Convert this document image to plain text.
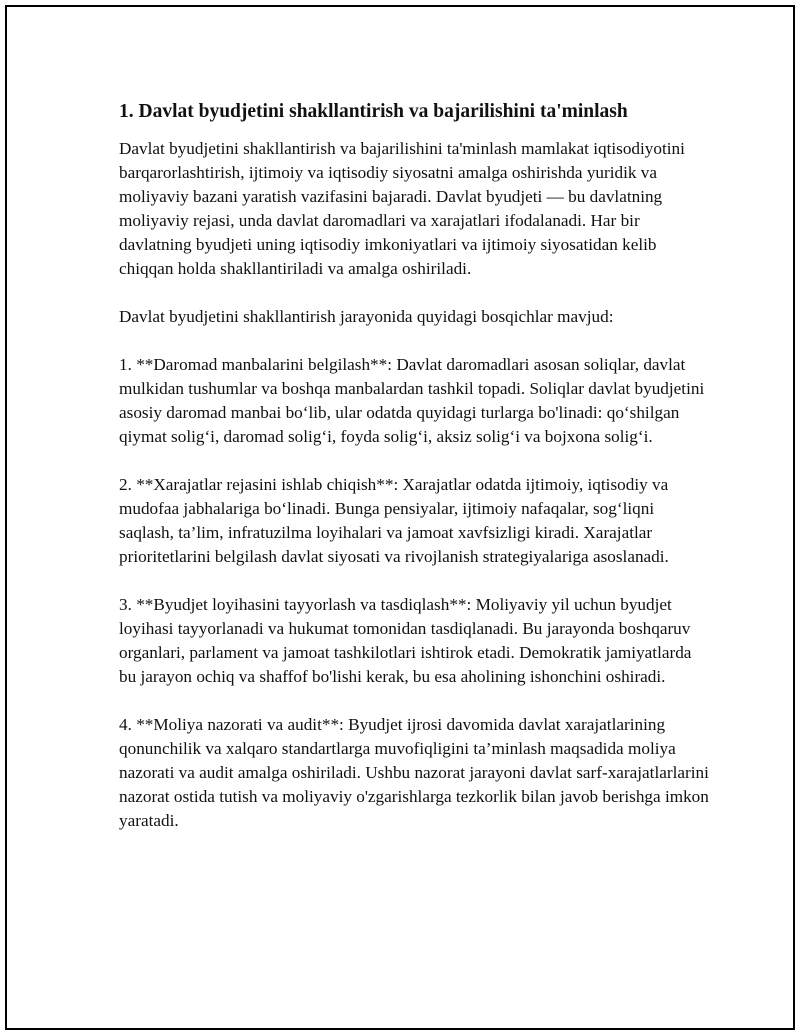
1. Davlat byudjetini shakllantirish va bajarilishini ta'minlash

Davlat byudjetini shakllantirish va bajarilishini ta'minlash mamlakat iqtisodiyotini barqarorlashtirish, ijtimoiy va iqtisodiy siyosatni amalga oshirishda yuridik va moliyaviy bazani yaratish vazifasini bajaradi. Davlat byudjeti — bu davlatning moliyaviy rejasi, unda davlat daromadlari va xarajatlari ifodalanadi. Har bir davlatning byudjeti uning iqtisodiy imkoniyatlari va ijtimoiy siyosatidan kelib chiqqan holda shakllantiriladi va amalga oshiriladi.

Davlat byudjetini shakllantirish jarayonida quyidagi bosqichlar mavjud:

1. **Daromad manbalarini belgilash**: Davlat daromadlari asosan soliqlar, davlat mulkidan tushumlar va boshqa manbalardan tashkil topadi. Soliqlar davlat byudjetini asosiy daromad manbai bo‘lib, ular odatda quyidagi turlarga bo'linadi: qo‘shilgan qiymat solig‘i, daromad solig‘i, foyda solig‘i, aksiz solig‘i va bojxona solig‘i.

2. **Xarajatlar rejasini ishlab chiqish**: Xarajatlar odatda ijtimoiy, iqtisodiy va mudofaa jabhalariga bo‘linadi. Bunga pensiyalar, ijtimoiy nafaqalar, sog‘liqni saqlash, ta’lim, infratuzilma loyihalari va jamoat xavfsizligi kiradi. Xarajatlar prioritetlarini belgilash davlat siyosati va rivojlanish strategiyalariga asoslanadi.

3. **Byudjet loyihasini tayyorlash va tasdiqlash**: Moliyaviy yil uchun byudjet loyihasi tayyorlanadi va hukumat tomonidan tasdiqlanadi. Bu jarayonda boshqaruv organlari, parlament va jamoat tashkilotlari ishtirok etadi. Demokratik jamiyatlarda bu jarayon ochiq va shaffof bo'lishi kerak, bu esa aholining ishonchini oshiradi.

4. **Moliya nazorati va audit**: Byudjet ijrosi davomida davlat xarajatlarining qonunchilik va xalqaro standartlarga muvofiqligini ta’minlash maqsadida moliya nazorati va audit amalga oshiriladi. Ushbu nazorat jarayoni davlat sarf-xarajatlarlarini nazorat ostida tutish va moliyaviy o'zgarishlarga tezkorlik bilan javob berishga imkon yaratadi.
